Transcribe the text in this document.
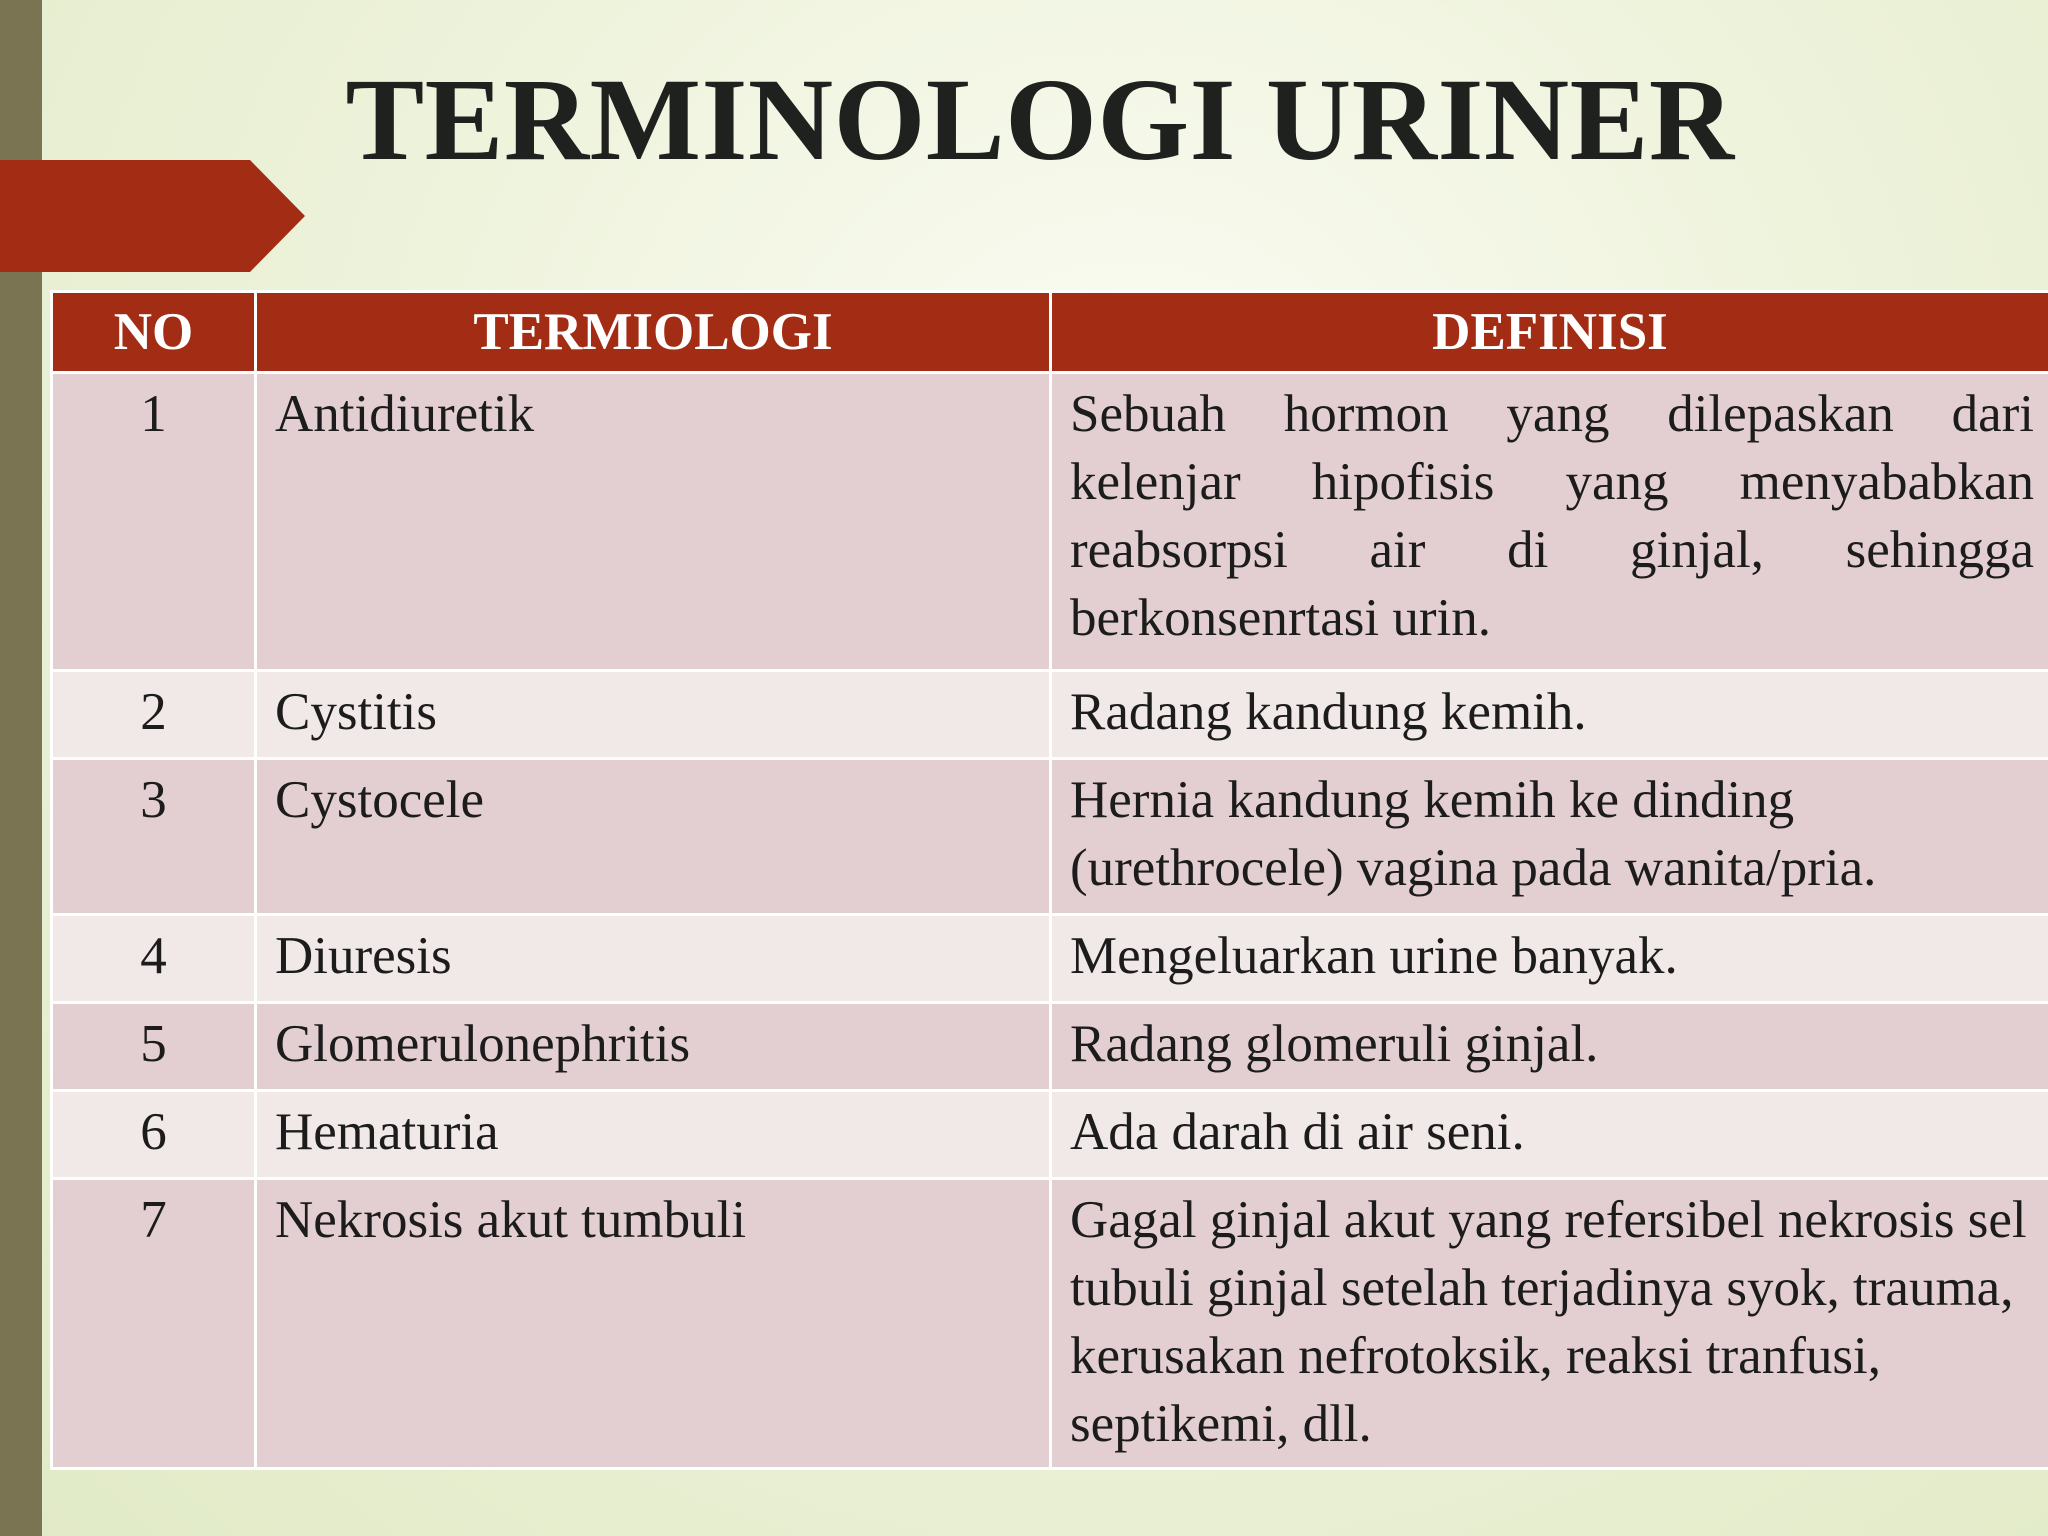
TERMINOLOGI URINER
NO	TERMIOLOGI	DEFINISI
1	Antidiuretik	Sebuah hormon yang dilepaskan dari kelenjar hipofisis yang menyababkan reabsorpsi air di ginjal, sehingga berkonsenrtasi urin.
2	Cystitis	Radang kandung kemih.
3	Cystocele	Hernia kandung kemih ke dinding (urethrocele) vagina pada wanita/pria.
4	Diuresis	Mengeluarkan urine banyak.
5	Glomerulonephritis	Radang glomeruli ginjal.
6	Hematuria	Ada darah di air seni.
7	Nekrosis akut tumbuli	Gagal ginjal akut yang refersibel nekrosis sel tubuli ginjal setelah terjadinya syok, trauma, kerusakan nefrotoksik, reaksi tranfusi, septikemi, dll.
